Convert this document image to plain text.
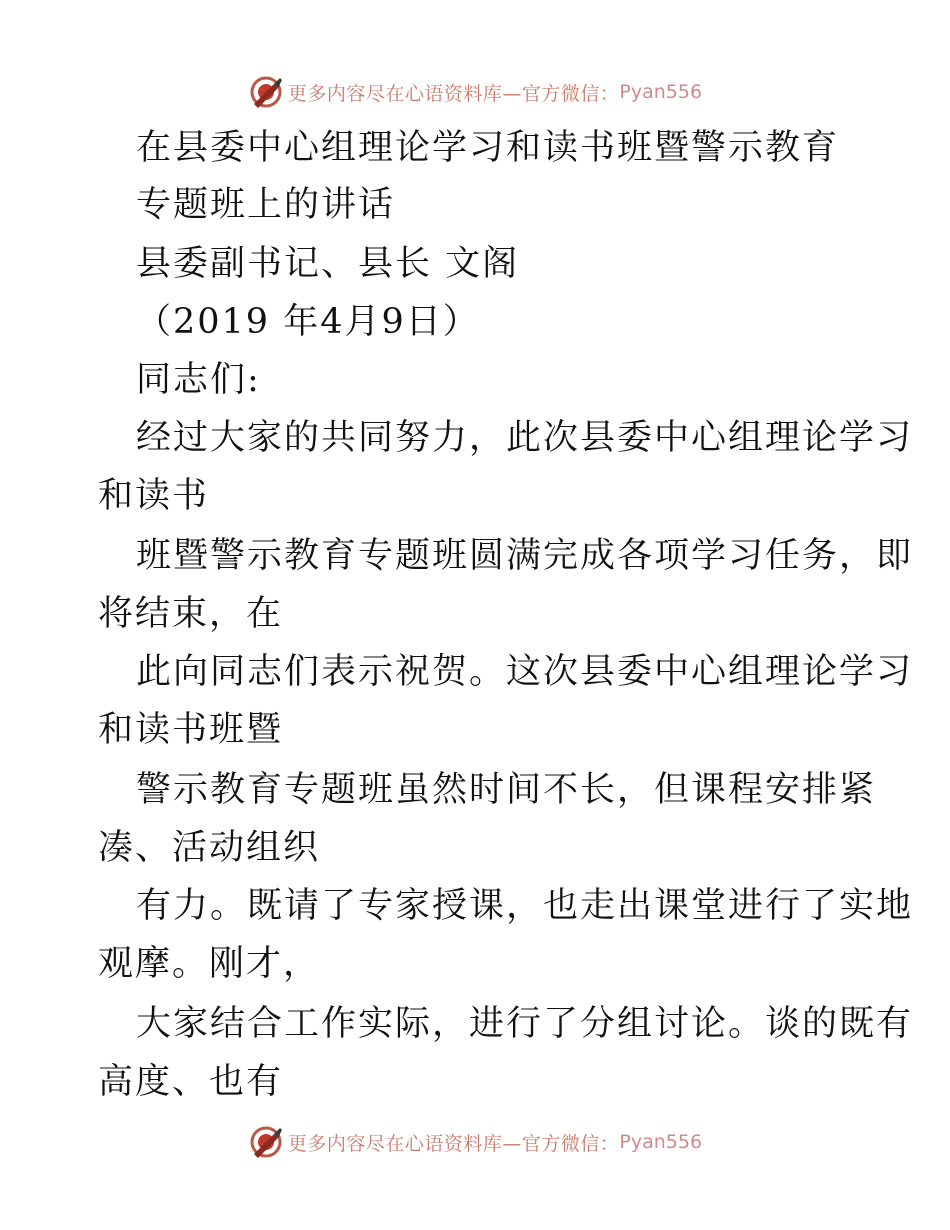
更多内容尽在心语资料库—官方微信： Pyan556
在县委中心组理论学习和读书班暨警示教育
专题班上的讲话
县委副书记、县长 文阁
（2019 年4月9日）
同志们:
经过大家的共同努力，此次县委中心组理论学习
和读书
班暨警示教育专题班圆满完成各项学习任务，即
将结束，在
此向同志们表示祝贺。这次县委中心组理论学习
和读书班暨
警示教育专题班虽然时间不长，但课程安排紧
凑、活动组织
有力。既请了专家授课，也走出课堂进行了实地
观摩。刚才，
大家结合工作实际，进行了分组讨论。谈的既有
高度、也有
更多内容尽在心语资料库—官方微信： Pyan556
